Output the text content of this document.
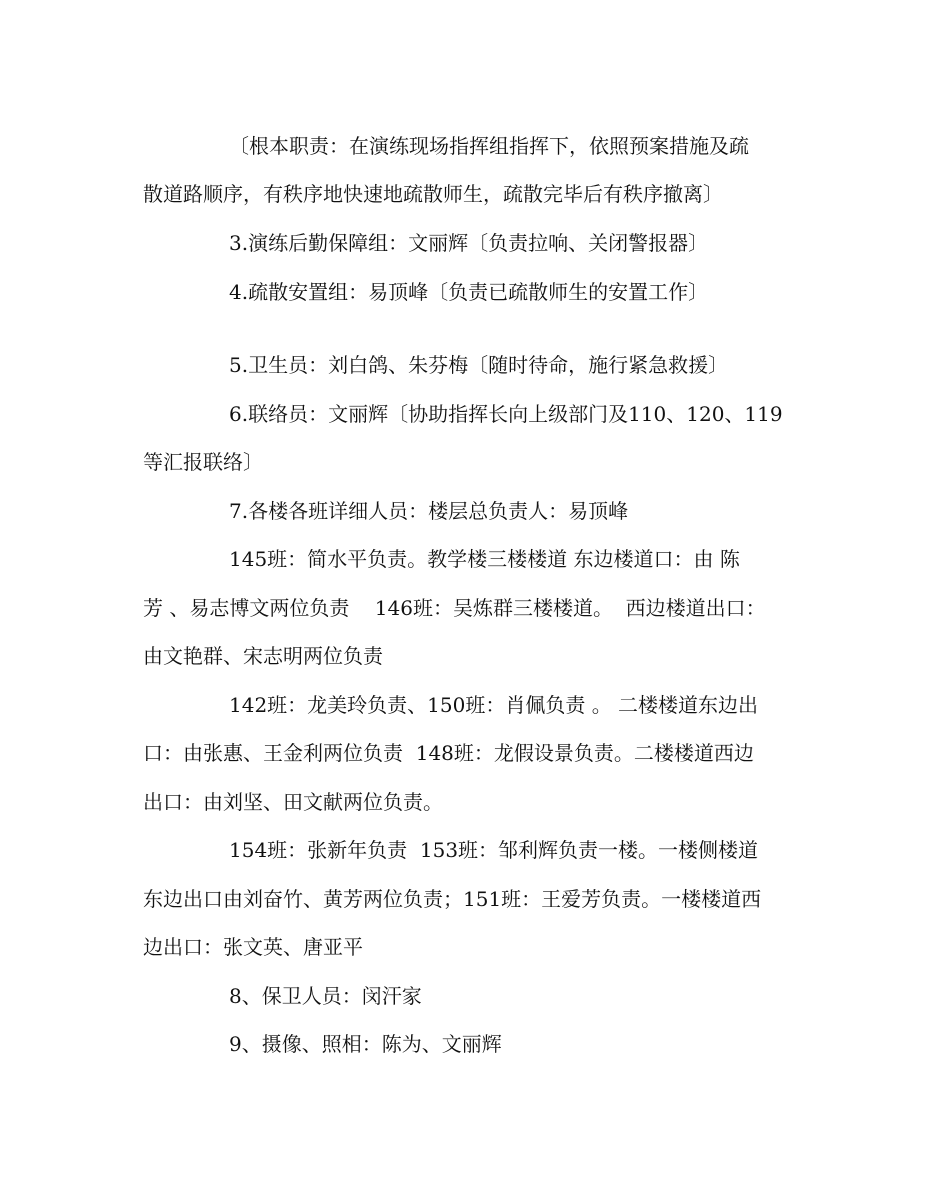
〔根本职责：在演练现场指挥组指挥下，依照预案措施及疏

散道路顺序，有秩序地快速地疏散师生，疏散完毕后有秩序撤离〕

3.演练后勤保障组：文丽辉〔负责拉响、关闭警报器〕

4.疏散安置组：易顶峰〔负责已疏散师生的安置工作〕

5.卫生员：刘白鸽、朱芬梅〔随时待命，施行紧急救援〕

6.联络员：文丽辉〔协助指挥长向上级部门及110、120、119

等汇报联络〕

7.各楼各班详细人员：楼层总负责人：易顶峰

145班：简水平负责。教学楼三楼楼道 东边楼道口：由 陈

芳 、易志博文两位负责    146班：吴炼群三楼楼道。  西边楼道出口：

由文艳群、宋志明两位负责

142班：龙美玲负责、150班：肖佩负责 。 二楼楼道东边出

口：由张惠、王金利两位负责  148班：龙假设景负责。二楼楼道西边

出口：由刘坚、田文献两位负责。

154班：张新年负责  153班：邹利辉负责一楼。一楼侧楼道

东边出口由刘奋竹、黄芳两位负责；151班：王爱芳负责。一楼楼道西

边出口：张文英、唐亚平

8、保卫人员：闵汗家

9、摄像、照相：陈为、文丽辉
